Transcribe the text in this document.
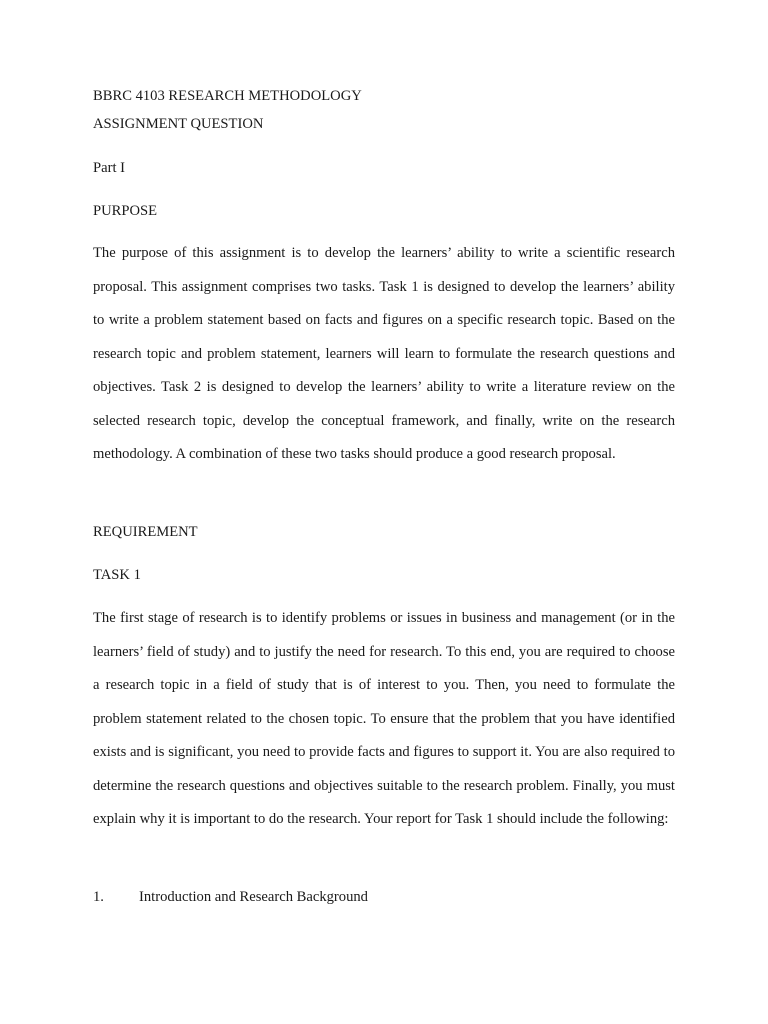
BBRC 4103 RESEARCH METHODOLOGY
ASSIGNMENT QUESTION
Part I
PURPOSE

The purpose of this assignment is to develop the learners’ ability to write a scientific research proposal. This assignment comprises two tasks. Task 1 is designed to develop the learners’ ability to write a problem statement based on facts and figures on a specific research topic. Based on the research topic and problem statement, learners will learn to formulate the research questions and objectives. Task 2 is designed to develop the learners’ ability to write a literature review on the selected research topic, develop the conceptual framework, and finally, write on the research methodology. A combination of these two tasks should produce a good research proposal.

REQUIREMENT
TASK 1

The first stage of research is to identify problems or issues in business and management (or in the learners’ field of study) and to justify the need for research. To this end, you are required to choose a research topic in a field of study that is of interest to you. Then, you need to formulate the problem statement related to the chosen topic. To ensure that the problem that you have identified exists and is significant, you need to provide facts and figures to support it. You are also required to determine the research questions and objectives suitable to the research problem. Finally, you must explain why it is important to do the research. Your report for Task 1 should include the following:

1. Introduction and Research Background
